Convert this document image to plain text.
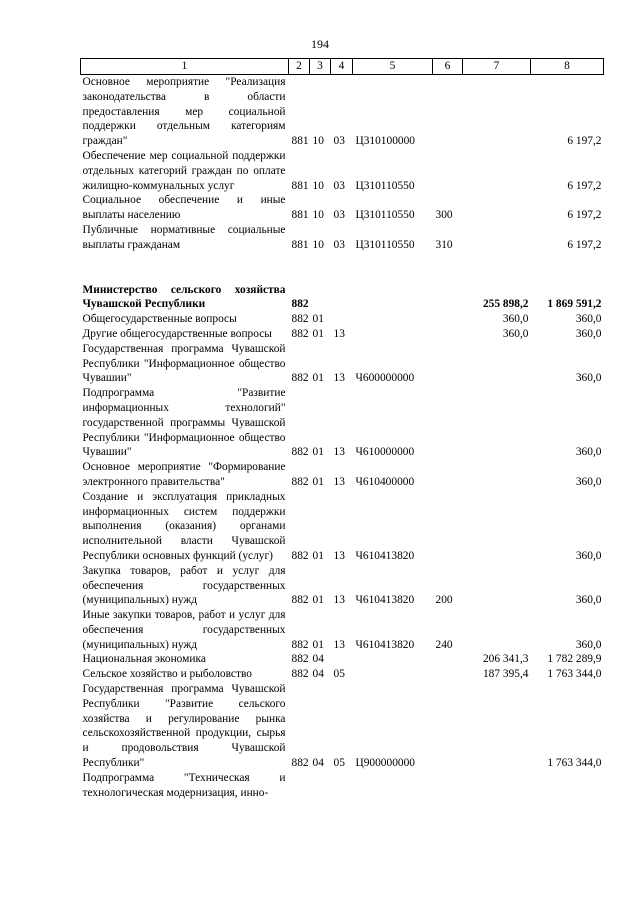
194
1	2	3	4	5	6	7	8
Основное мероприятие "Реализация законодательства в области предоставления мер социальной поддержки отдельным категориям граждан"	881	10	03	Ц310100000			6 197,2
Обеспечение мер социальной поддержки отдельных категорий граждан по оплате жилищно-коммунальных услуг	881	10	03	Ц310110550			6 197,2
Социальное обеспечение и иные выплаты населению	881	10	03	Ц310110550	300		6 197,2
Публичные нормативные социальные выплаты гражданам	881	10	03	Ц310110550	310		6 197,2

Министерство сельского хозяйства Чувашской Республики	882					255 898,2	1 869 591,2
Общегосударственные вопросы	882	01				360,0	360,0
Другие общегосударственные вопросы	882	01	13			360,0	360,0
Государственная программа Чувашской Республики "Информационное общество Чувашии"	882	01	13	Ч600000000			360,0
Подпрограмма "Развитие информационных технологий" государственной программы Чувашской Республики "Информационное общество Чувашии"	882	01	13	Ч610000000			360,0
Основное мероприятие "Формирование электронного правительства"	882	01	13	Ч610400000			360,0
Создание и эксплуатация прикладных информационных систем поддержки выполнения (оказания) органами исполнительной власти Чувашской Республики основных функций (услуг)	882	01	13	Ч610413820			360,0
Закупка товаров, работ и услуг для обеспечения государственных (муниципальных) нужд	882	01	13	Ч610413820	200		360,0
Иные закупки товаров, работ и услуг для обеспечения государственных (муниципальных) нужд	882	01	13	Ч610413820	240		360,0
Национальная экономика	882	04				206 341,3	1 782 289,9
Сельское хозяйство и рыболовство	882	04	05			187 395,4	1 763 344,0
Государственная программа Чувашской Республики "Развитие сельского хозяйства и регулирование рынка сельскохозяйственной продукции, сырья и продовольствия Чувашской Республики"	882	04	05	Ц900000000			1 763 344,0
Подпрограмма "Техническая и технологическая модернизация, инно-							
